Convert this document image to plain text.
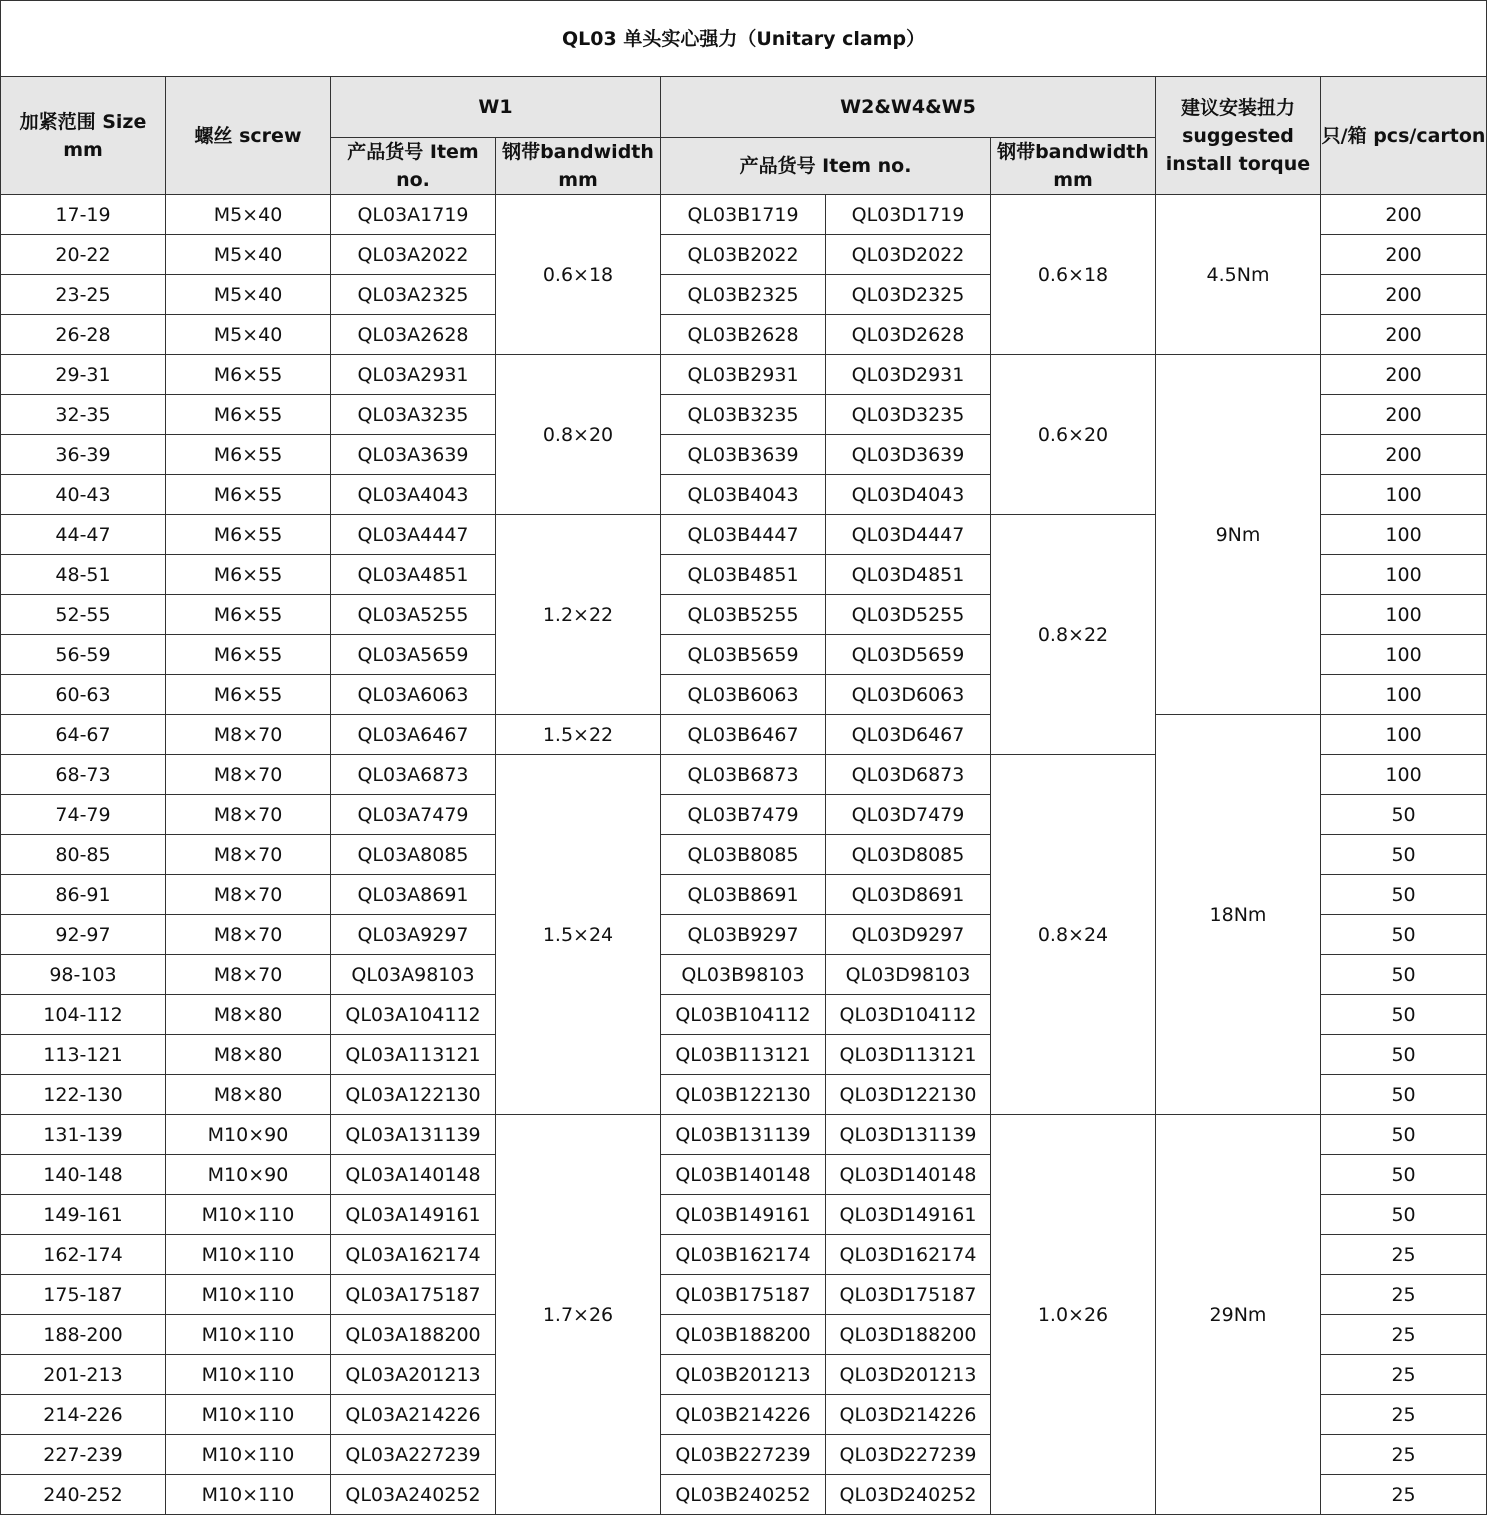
QL03 单头实心强力（Unitary clamp）								
加紧范围 Size mm	螺丝 screw	W1		W2&W4&W5			建议安装扭力 suggested install torque	只/箱 pcs/carton
		产品货号 Item no.	钢带bandwidth mm	产品货号 Item no.		钢带bandwidth mm		
17-19	M5×40	QL03A1719	0.6×18	QL03B1719	QL03D1719	0.6×18	4.5Nm	200
20-22	M5×40	QL03A2022		QL03B2022	QL03D2022			200
23-25	M5×40	QL03A2325		QL03B2325	QL03D2325			200
26-28	M5×40	QL03A2628		QL03B2628	QL03D2628			200
29-31	M6×55	QL03A2931	0.8×20	QL03B2931	QL03D2931	0.6×20	9Nm	200
32-35	M6×55	QL03A3235		QL03B3235	QL03D3235			200
36-39	M6×55	QL03A3639		QL03B3639	QL03D3639			200
40-43	M6×55	QL03A4043		QL03B4043	QL03D4043			100
44-47	M6×55	QL03A4447	1.2×22	QL03B4447	QL03D4447	0.8×22		100
48-51	M6×55	QL03A4851		QL03B4851	QL03D4851			100
52-55	M6×55	QL03A5255		QL03B5255	QL03D5255			100
56-59	M6×55	QL03A5659		QL03B5659	QL03D5659			100
60-63	M6×55	QL03A6063		QL03B6063	QL03D6063			100
64-67	M8×70	QL03A6467	1.5×22	QL03B6467	QL03D6467		18Nm	100
68-73	M8×70	QL03A6873	1.5×24	QL03B6873	QL03D6873	0.8×24		100
74-79	M8×70	QL03A7479		QL03B7479	QL03D7479			50
80-85	M8×70	QL03A8085		QL03B8085	QL03D8085			50
86-91	M8×70	QL03A8691		QL03B8691	QL03D8691			50
92-97	M8×70	QL03A9297		QL03B9297	QL03D9297			50
98-103	M8×70	QL03A98103		QL03B98103	QL03D98103			50
104-112	M8×80	QL03A104112		QL03B104112	QL03D104112			50
113-121	M8×80	QL03A113121		QL03B113121	QL03D113121			50
122-130	M8×80	QL03A122130		QL03B122130	QL03D122130			50
131-139	M10×90	QL03A131139	1.7×26	QL03B131139	QL03D131139	1.0×26	29Nm	50
140-148	M10×90	QL03A140148		QL03B140148	QL03D140148			50
149-161	M10×110	QL03A149161		QL03B149161	QL03D149161			50
162-174	M10×110	QL03A162174		QL03B162174	QL03D162174			25
175-187	M10×110	QL03A175187		QL03B175187	QL03D175187			25
188-200	M10×110	QL03A188200		QL03B188200	QL03D188200			25
201-213	M10×110	QL03A201213		QL03B201213	QL03D201213			25
214-226	M10×110	QL03A214226		QL03B214226	QL03D214226			25
227-239	M10×110	QL03A227239		QL03B227239	QL03D227239			25
240-252	M10×110	QL03A240252		QL03B240252	QL03D240252			25
